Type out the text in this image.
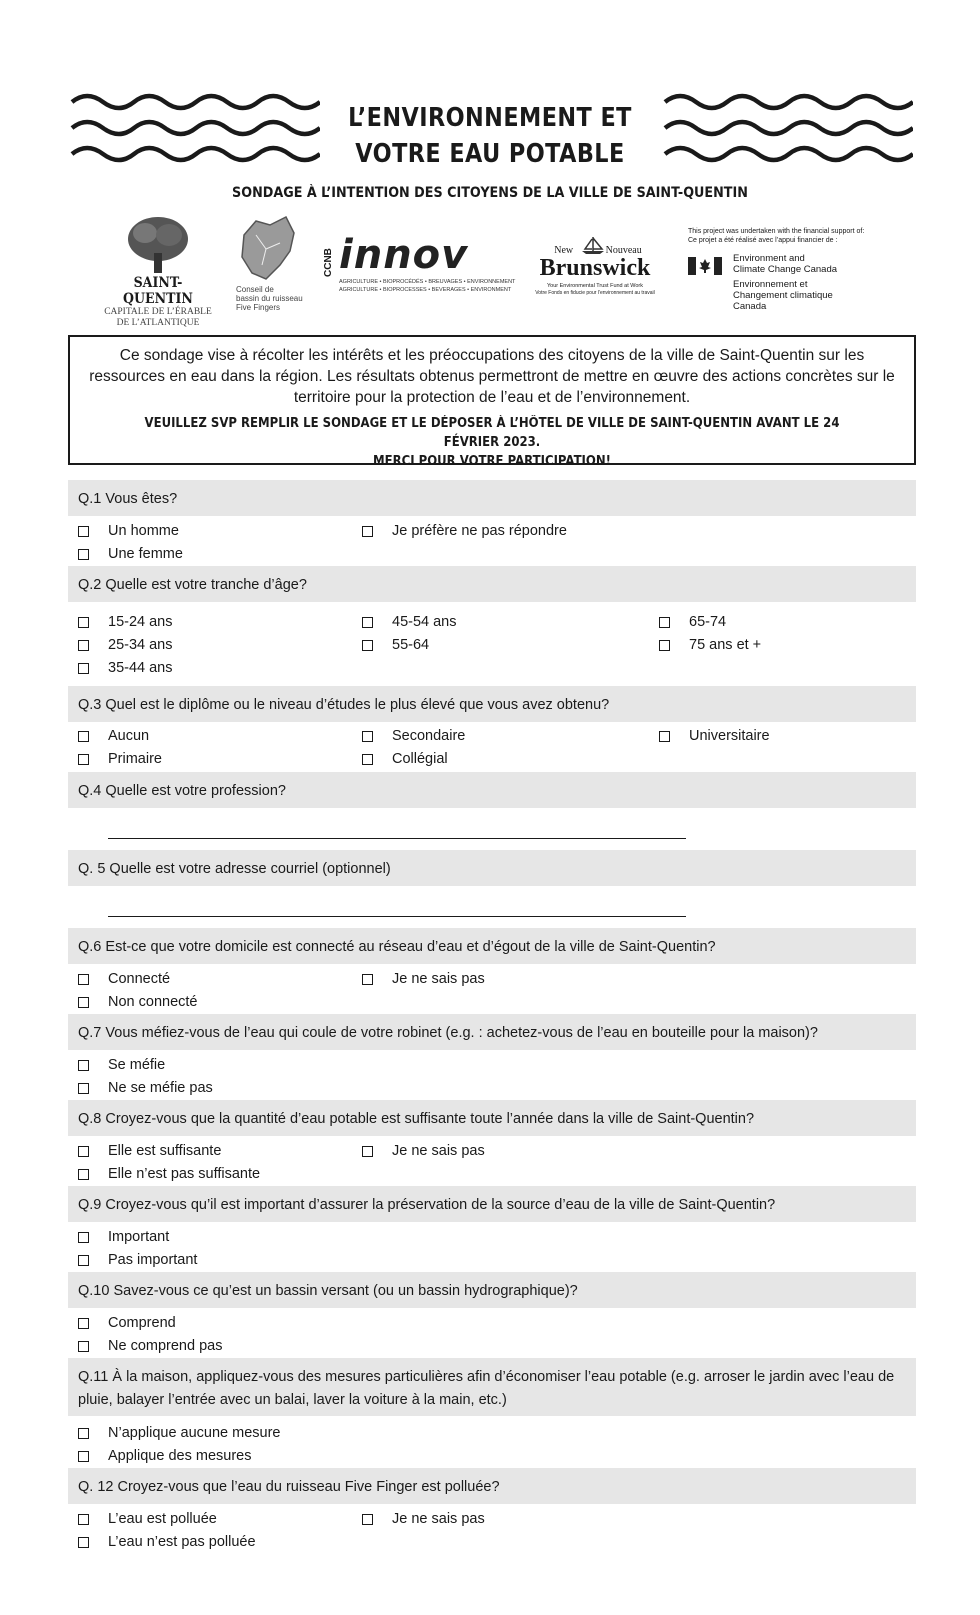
L’ENVIRONNEMENT ET
VOTRE EAU POTABLE
SONDAGE À L’INTENTION DES CITOYENS DE LA VILLE DE SAINT-QUENTIN
SAINT-QUENTIN
CAPITALE DE L’ÉRABLE
DE L’ATLANTIQUE
Conseil de
bassin du ruisseau
Five Fingers
CCNB innov
AGRICULTURE • BIOPROCÉDÉS • BREUVAGES • ENVIRONNEMENT
AGRICULTURE • BIOPROCESSES • BEVERAGES • ENVIRONMENT
New	Nouveau
Brunswick
Your Environmental Trust Fund at Work
Votre Fonds en fiducie pour l’environnement au travail
This project was undertaken with the financial support of:
Ce projet a été réalisé avec l’appui financier de :
Environment and
Climate Change Canada
Environnement et
Changement climatique Canada

Ce sondage vise à récolter les intérêts et les préoccupations des citoyens de la ville de Saint-Quentin sur les ressources en eau dans la région. Les résultats obtenus permettront de mettre en œuvre des actions concrètes sur le territoire pour la protection de l’eau et de l’environnement.

VEUILLEZ SVP REMPLIR LE SONDAGE ET LE DÉPOSER À L’HÔTEL DE VILLE DE SAINT-QUENTIN AVANT LE 24 FÉVRIER 2023.
MERCI POUR VOTRE PARTICIPATION!

Q.1 Vous êtes?
Un homme
Une femme
Je préfère ne pas répondre
Q.2 Quelle est votre tranche d’âge?
15-24 ans
25-34 ans
35-44 ans
45-54 ans
55-64
65-74
75 ans et +
Q.3 Quel est le diplôme ou le niveau d’études le plus élevé que vous avez obtenu?
Aucun
Primaire
Secondaire
Collégial
Universitaire
Q.4 Quelle est votre profession?
Q. 5 Quelle est votre adresse courriel (optionnel)
Q.6 Est-ce que votre domicile est connecté au réseau d’eau et d’égout de la ville de Saint-Quentin?
Connecté
Non connecté
Je ne sais pas
Q.7 Vous méfiez-vous de l’eau qui coule de votre robinet (e.g. : achetez-vous de l’eau en bouteille pour la maison)?
Se méfie
Ne se méfie pas
Q.8 Croyez-vous que la quantité d’eau potable est suffisante toute l’année dans la ville de Saint-Quentin?
Elle est suffisante
Elle n’est pas suffisante
Je ne sais pas
Q.9 Croyez-vous qu’il est important d’assurer la préservation de la source d’eau de la ville de Saint-Quentin?
Important
Pas important
Q.10 Savez-vous ce qu’est un bassin versant (ou un bassin hydrographique)?
Comprend
Ne comprend pas
Q.11 À la maison, appliquez-vous des mesures particulières afin d’économiser l’eau potable (e.g. arroser le jardin avec l’eau de pluie, balayer l’entrée avec un balai, laver la voiture à la main, etc.)
N’applique aucune mesure
Applique des mesures
Q. 12 Croyez-vous que l’eau du ruisseau Five Finger est polluée?
L’eau est polluée
L’eau n’est pas polluée
Je ne sais pas
